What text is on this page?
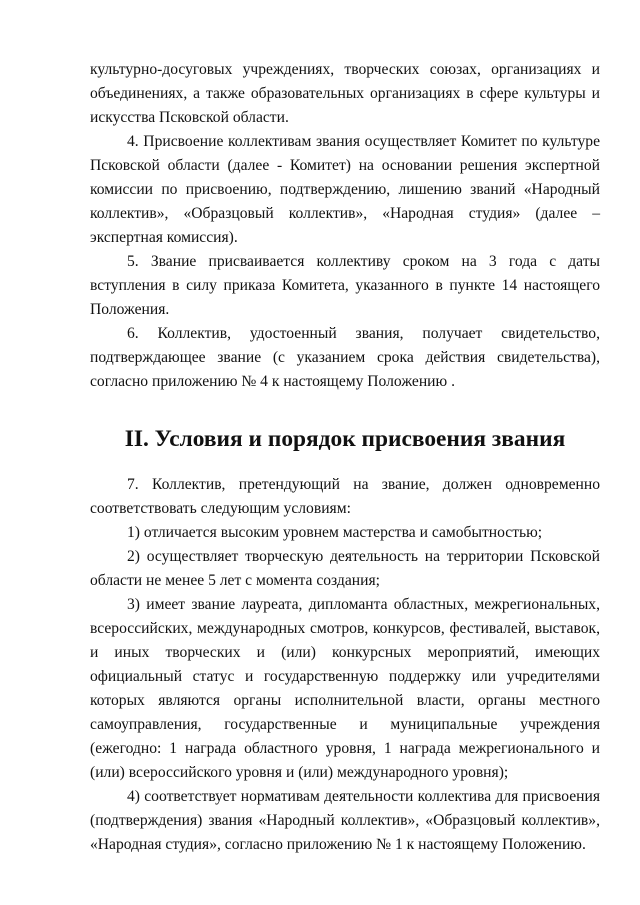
культурно-досуговых учреждениях, творческих союзах, организациях и объединениях, а также образовательных организациях в сфере культуры и искусства Псковской области.

4. Присвоение коллективам звания осуществляет Комитет по культуре Псковской области (далее - Комитет) на основании решения экспертной комиссии по присвоению, подтверждению, лишению званий «Народный коллектив», «Образцовый коллектив», «Народная студия» (далее – экспертная комиссия).

5. Звание присваивается коллективу сроком на 3 года с даты вступления в силу приказа Комитета, указанного в пункте 14 настоящего Положения.

6. Коллектив, удостоенный звания, получает свидетельство, подтверждающее звание (с указанием срока действия свидетельства), согласно приложению № 4 к настоящему Положению .

II. Условия и порядок присвоения звания

7. Коллектив, претендующий на звание, должен одновременно соответствовать следующим условиям:

1) отличается высоким уровнем мастерства и самобытностью;

2) осуществляет творческую деятельность на территории Псковской области не менее 5 лет с момента создания;

3) имеет звание лауреата, дипломанта областных, межрегиональных, всероссийских, международных смотров, конкурсов, фестивалей, выставок, и иных творческих и (или) конкурсных мероприятий, имеющих официальный статус и государственную поддержку или учредителями которых являются органы исполнительной власти, органы местного самоуправления, государственные и муниципальные учреждения (ежегодно: 1 награда областного уровня, 1 награда межрегионального и (или) всероссийского уровня и (или) международного уровня);

4) соответствует нормативам деятельности коллектива для присвоения (подтверждения) звания «Народный коллектив», «Образцовый коллектив», «Народная студия», согласно приложению № 1 к настоящему Положению.
